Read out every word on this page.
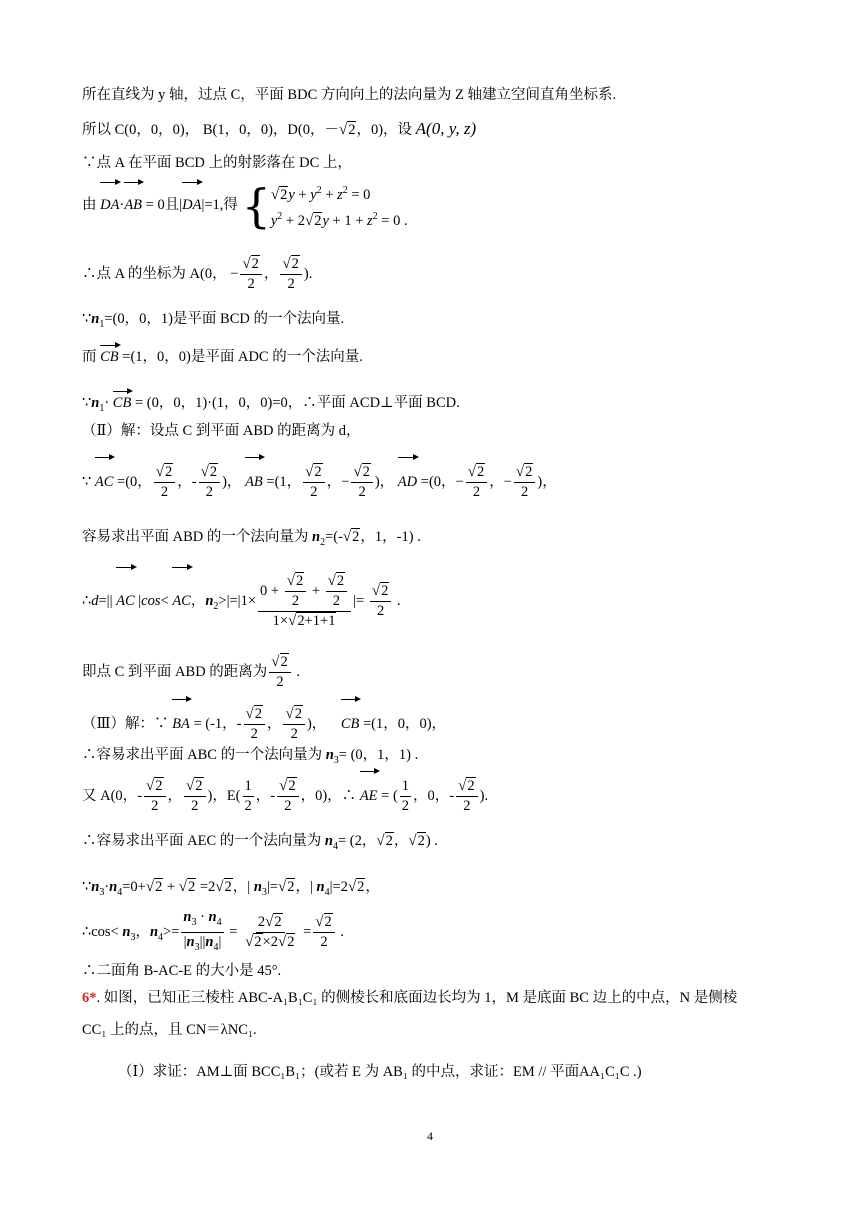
所在直线为 y 轴，过点 C，平面 BDC 方向向上的法向量为 Z 轴建立空间直角坐标系.
所以 C(0，0，0)， B(1，0，0)，D(0，－√2，0)，设 A(0, y, z)
∵点 A 在平面 BCD 上的射影落在 DC 上，
由 DA·AB = 0且|DA|=1,得 {$√2y + y^2 + z^2 = 0$
$y^2 + 2√2y + 1 + z^2 = 0$ .
∴点 A 的坐标为 A(0， − $\frac{√2}{2}$ ， $\frac{√2}{2}$ ).
$\because n_1=(0$，0，1)是平面 BCD 的一个法向量.
而 CB =(1，0，0)是平面 ADC 的一个法向量.
$\because n_1\cdot$ CB = (0，0，1)·(1，0，0)=0，∴平面 ACD⊥平面 BCD.
（Ⅱ）解：设点 C 到平面 ABD 的距离为 d，
∵ AC =(0， $\frac{√2}{2}$ ，- $\frac{√2}{2}$ )， AB =(1， $\frac{√2}{2}$ ，− $\frac{√2}{2}$ )， AD =(0，− $\frac{√2}{2}$ ，− $\frac{√2}{2}$ )，
容易求出平面 ABD 的一个法向量为 $n_2=(-√2$，1，-1) .
∴d=|| AC |cos< AC，$n_2>|=|1\times \frac{0 + \frac{√2}{2} + \frac{√2}{2}}{1\times√2+1+1}$ |= $\frac{√2}{2}$ .
即点 C 到平面 ABD 的距离为 $\frac{√2}{2}$ .
（Ⅲ）解：∵ BA = (-1，- $\frac{√2}{2}$ ， $\frac{√2}{2}$ )，    CB =(1，0，0)，
∴容易求出平面 ABC 的一个法向量为 $n_3= (0$，1，1) .
又 A(0，- $\frac{√2}{2}$ ， $\frac{√2}{2}$ )，$E( \frac{1}{2}$ ，- $\frac{√2}{2}$ ，0)，∴ AE = ( $\frac{1}{2}$ ，0，- $\frac{√2}{2}$ ).
∴容易求出平面 AEC 的一个法向量为 $n_4= (2$，√2，√2) .
$\because n_3\cdot n_4=0+√2 + √2 =2√2$，| $n_3|=√2$，| $n_4|=2√2$，
∴cos< $n_3$，$n_4>= \frac{n_3 \cdot n_4}{|n_3||n_4|} = \frac{2√2}{√2\times 2√2} = \frac{√2}{2}$ .
∴二面角 B-AC-E 的大小是 45°.
6*. 如图，已知正三棱柱 ABC-A₁B₁C₁ 的侧棱长和底面边长均为 1，M 是底面 BC 边上的中点，N 是侧棱
CC₁ 上的点，且 CN＝λNC₁.
（Ⅰ）求证：AM⊥面 BCC₁B₁；(或若 E 为 AB₁ 的中点，求证：EM // 平面AA₁C₁C .)
4
